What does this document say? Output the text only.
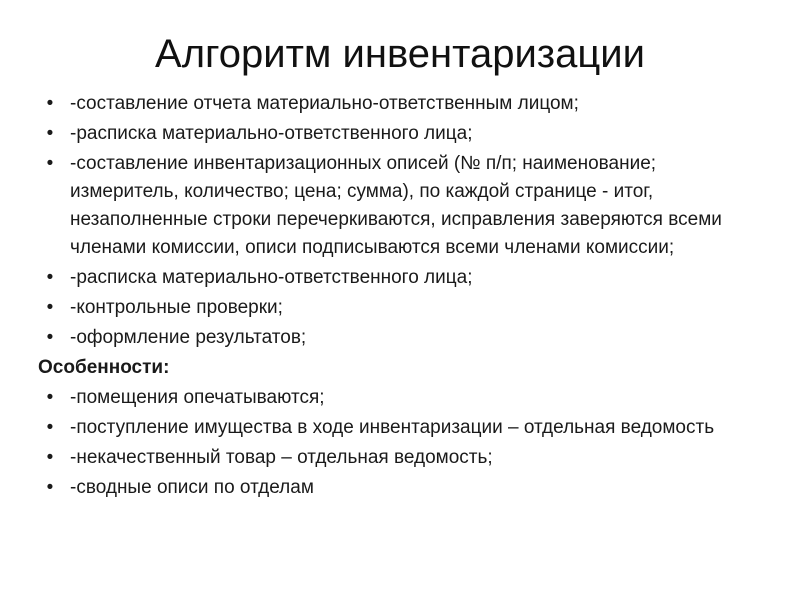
Алгоритм инвентаризации
• -составление отчета материально-ответственным лицом;
• -расписка материально-ответственного лица;
• -составление инвентаризационных описей (№ п/п; наименование; измеритель, количество; цена; сумма), по каждой странице - итог, незаполненные строки перечеркиваются, исправления заверяются всеми членами комиссии, описи подписываются всеми членами комиссии;
• -расписка материально-ответственного лица;
• -контрольные проверки;
• -оформление результатов;
Особенности:
• -помещения опечатываются;
• -поступление имущества в ходе инвентаризации – отдельная ведомость
• -некачественный товар – отдельная ведомость;
• -сводные описи по отделам
